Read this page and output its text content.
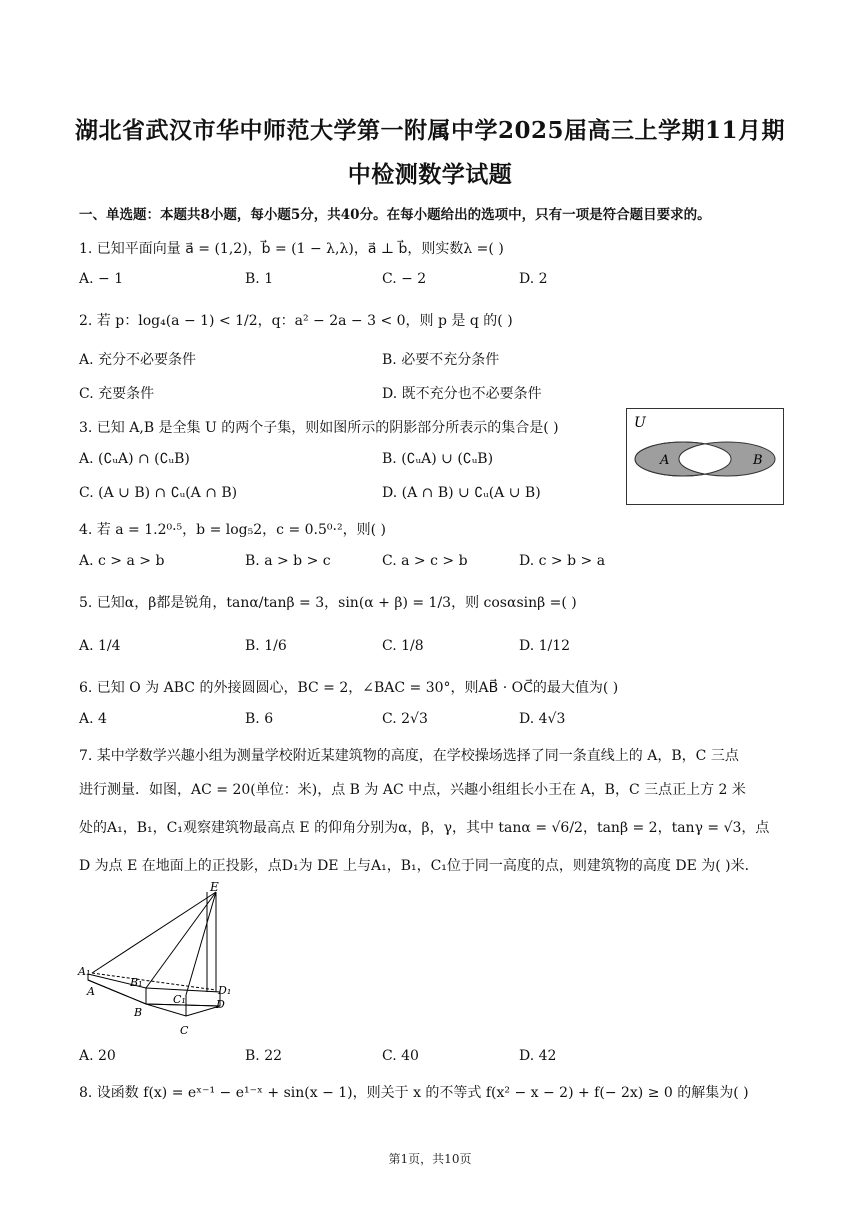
湖北省武汉市华中师范大学第一附属中学2025届高三上学期11月期
中检测数学试题
一、单选题：本题共8小题，每小题5分，共40分。在每小题给出的选项中，只有一项是符合题目要求的。
1. 已知平面向量 a⃗ = (1,2)，b⃗ = (1 − λ,λ)，a⃗ ⊥ b⃗，则实数λ =( )
A. − 1	B. 1	C. − 2	D. 2
2. 若 p：log₄(a − 1) < 1/2，q：a² − 2a − 3 < 0，则 p 是 q 的( )
A. 充分不必要条件	B. 必要不充分条件
C. 充要条件	D. 既不充分也不必要条件
3. 已知 A,B 是全集 U 的两个子集，则如图所示的阴影部分所表示的集合是( )
A. (∁ᵤA) ∩ (∁ᵤB)	B. (∁ᵤA) ∪ (∁ᵤB)
C. (A ∪ B) ∩ ∁ᵤ(A ∩ B)	D. (A ∩ B) ∪ ∁ᵤ(A ∪ B)
U
A	B
4. 若 a = 1.2⁰·⁵，b = log₅2，c = 0.5⁰·²，则( )
A. c > a > b	B. a > b > c	C. a > c > b	D. c > b > a
5. 已知α，β都是锐角，tanα/tanβ = 3，sin(α + β) = 1/3，则 cosαsinβ =( )
A. 1/4	B. 1/6	C. 1/8	D. 1/12
6. 已知 O 为 ABC 的外接圆圆心，BC = 2，∠BAC = 30°，则AB⃗ · OC⃗的最大值为( )
A. 4	B. 6	C. 2√3	D. 4√3
7. 某中学数学兴趣小组为测量学校附近某建筑物的高度，在学校操场选择了同一条直线上的 A，B，C 三点
进行测量．如图，AC = 20(单位：米)，点 B 为 AC 中点，兴趣小组组长小王在 A，B，C 三点正上方 2 米
处的A₁，B₁，C₁观察建筑物最高点 E 的仰角分别为α，β，γ，其中 tanα = √6/2，tanβ = 2，tanγ = √3，点
D 为点 E 在地面上的正投影，点D₁为 DE 上与A₁，B₁，C₁位于同一高度的点，则建筑物的高度 DE 为( )米．
E
A₁
B₁
C₁
D₁
A
B
C
D
A. 20	B. 22	C. 40	D. 42
8. 设函数 f(x) = eˣ⁻¹ − e¹⁻ˣ + sin(x − 1)，则关于 x 的不等式 f(x² − x − 2) + f(− 2x) ≥ 0 的解集为( )
第1页，共10页
